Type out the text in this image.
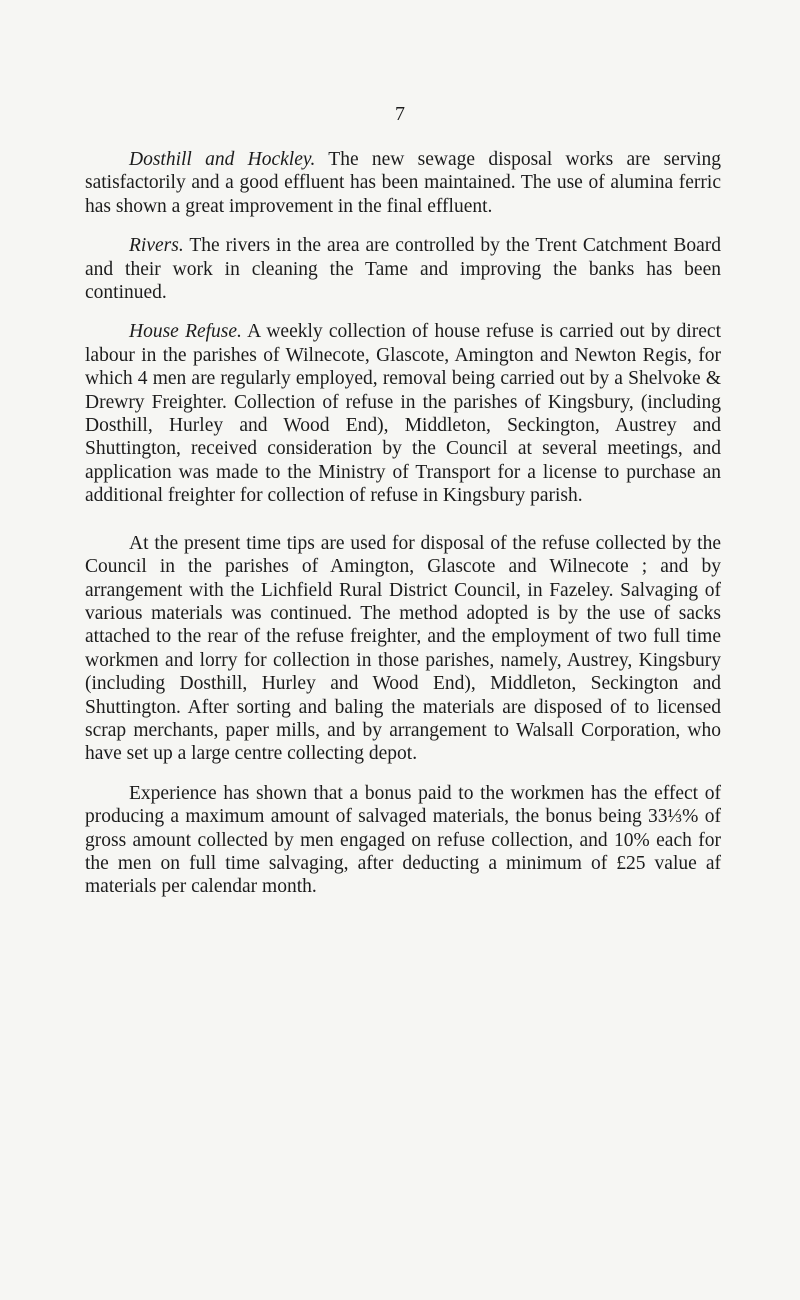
7

Dosthill and Hockley. The new sewage disposal works are serving satisfactorily and a good effluent has been maintained. The use of alumina ferric has shown a great improvement in the final effluent.

Rivers. The rivers in the area are controlled by the Trent Catchment Board and their work in cleaning the Tame and improving the banks has been continued.

House Refuse. A weekly collection of house refuse is carried out by direct labour in the parishes of Wilnecote, Glascote, Amington and Newton Regis, for which 4 men are regularly employed, removal being carried out by a Shelvoke & Drewry Freighter. Collection of refuse in the parishes of Kingsbury, (including Dosthill, Hurley and Wood End), Middleton, Seckington, Austrey and Shuttington, received consideration by the Council at several meetings, and application was made to the Ministry of Transport for a license to purchase an additional freighter for collection of refuse in Kingsbury parish.

At the present time tips are used for disposal of the refuse collected by the Council in the parishes of Amington, Glascote and Wilnecote ; and by arrangement with the Lichfield Rural District Council, in Fazeley. Salvaging of various materials was continued. The method adopted is by the use of sacks attached to the rear of the refuse freighter, and the employment of two full time workmen and lorry for collection in those parishes, namely, Austrey, Kingsbury (including Dosthill, Hurley and Wood End), Middleton, Seckington and Shuttington. After sorting and baling the materials are disposed of to licensed scrap merchants, paper mills, and by arrangement to Walsall Corporation, who have set up a large centre collecting depot.

Experience has shown that a bonus paid to the workmen has the effect of producing a maximum amount of salvaged materials, the bonus being 33⅓% of gross amount collected by men engaged on refuse collection, and 10% each for the men on full time salvaging, after deducting a minimum of £25 value af materials per calendar month.
